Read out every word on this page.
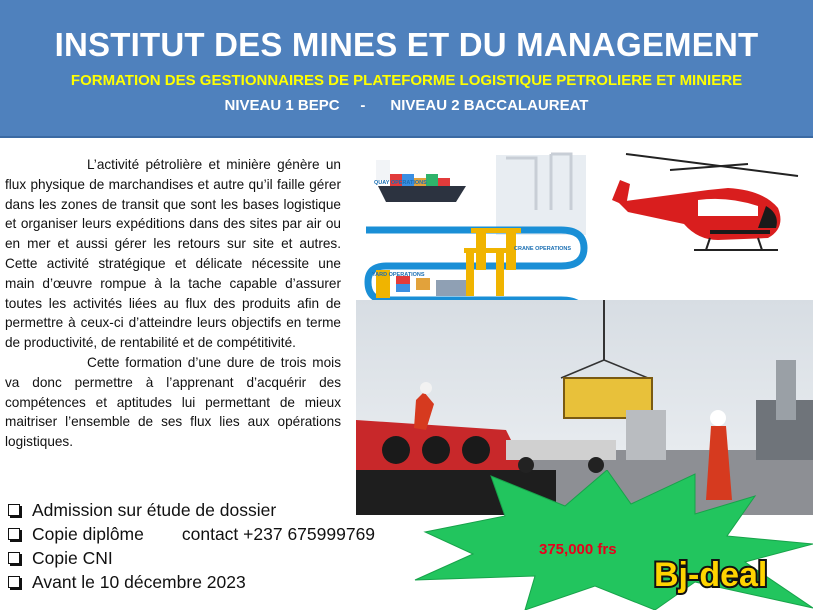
INSTITUT DES MINES ET DU MANAGEMENT
FORMATION DES GESTIONNAIRES DE PLATEFORME LOGISTIQUE PETROLIERE ET MINIERE
NIVEAU 1 BEPC     -      NIVEAU 2 BACCALAUREAT

L’activité pétrolière et minière génère un flux physique de marchandises et autre qu’il faille gérer dans les zones de transit que sont les bases logistique et organiser leurs expéditions dans des sites par air ou en mer et aussi gérer les retours sur site et autres. Cette activité stratégique et délicate nécessite une main d’œuvre rompue à la tache capable d’assurer toutes les activités liées au flux des produits afin de permettre à ceux-ci d’atteindre leurs objectifs en terme de productivité, de rentabilité et de compétitivité.

Cette formation d’une dure de trois mois va donc permettre à l’apprenant d’acquérir des compétences et aptitudes lui permettant de mieux maitriser l’ensemble de ses flux lies aux opérations logistiques.

QUAY OPERATIONS
CRANE OPERATIONS
YARD OPERATIONS
Admission sur étude de dossier
Copie diplôme contact +237 675999769
Copie CNI
Avant le 10 décembre 2023
375,000 frs
Bj-deal
